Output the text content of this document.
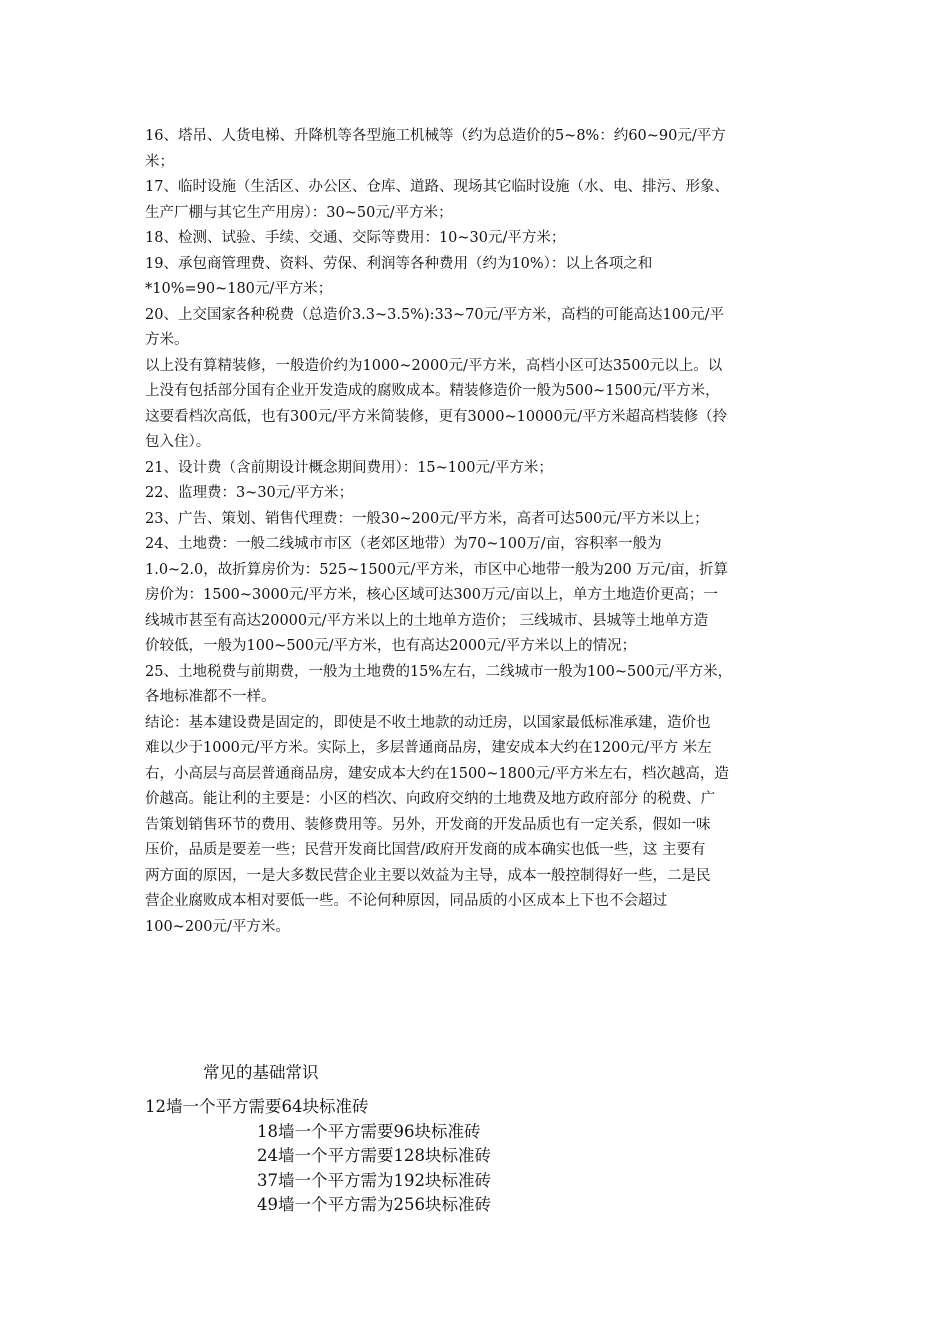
16、塔吊、人货电梯、升降机等各型施工机械等（约为总造价的5~8%：约60~90元/平方
米；
17、临时设施（生活区、办公区、仓库、道路、现场其它临时设施（水、电、排污、形象、
生产厂棚与其它生产用房）：30~50元/平方米；
18、检测、试验、手续、交通、交际等费用：10~30元/平方米；
19、承包商管理费、资料、劳保、利润等各种费用（约为10%）：以上各项之和
*10%=90~180元/平方米；
20、上交国家各种税费（总造价3.3~3.5%):33~70元/平方米，高档的可能高达100元/平
方米。
以上没有算精装修，一般造价约为1000~2000元/平方米，高档小区可达3500元以上。以
上没有包括部分国有企业开发造成的腐败成本。精装修造价一般为500~1500元/平方米，
这要看档次高低，也有300元/平方米简装修，更有3000~10000元/平方米超高档装修（拎
包入住）。
21、设计费（含前期设计概念期间费用）：15~100元/平方米；
22、监理费：3~30元/平方米；
23、广告、策划、销售代理费：一般30~200元/平方米，高者可达500元/平方米以上；
24、土地费：一般二线城市市区（老郊区地带）为70~100万/亩，容积率一般为
1.0~2.0，故折算房价为：525~1500元/平方米，市区中心地带一般为200 万元/亩，折算
房价为：1500~3000元/平方米，核心区域可达300万元/亩以上，单方土地造价更高；一
线城市甚至有高达20000元/平方米以上的土地单方造价； 三线城市、县城等土地单方造
价较低，一般为100~500元/平方米，也有高达2000元/平方米以上的情况；
25、土地税费与前期费，一般为土地费的15%左右，二线城市一般为100~500元/平方米，
各地标准都不一样。
结论：基本建设费是固定的，即使是不收土地款的动迁房，以国家最低标准承建，造价也
难以少于1000元/平方米。实际上，多层普通商品房，建安成本大约在1200元/平方 米左
右，小高层与高层普通商品房，建安成本大约在1500~1800元/平方米左右，档次越高，造
价越高。能让利的主要是：小区的档次、向政府交纳的土地费及地方政府部分 的税费、广
告策划销售环节的费用、装修费用等。另外，开发商的开发品质也有一定关系，假如一味
压价，品质是要差一些；民营开发商比国营/政府开发商的成本确实也低一些，这 主要有
两方面的原因，一是大多数民营企业主要以效益为主导，成本一般控制得好一些，二是民
营企业腐败成本相对要低一些。不论何种原因，同品质的小区成本上下也不会超过
100~200元/平方米。
常见的基础常识
12墙一个平方需要64块标准砖
18墙一个平方需要96块标准砖
24墙一个平方需要128块标准砖
37墙一个平方需为192块标准砖
49墙一个平方需为256块标准砖
